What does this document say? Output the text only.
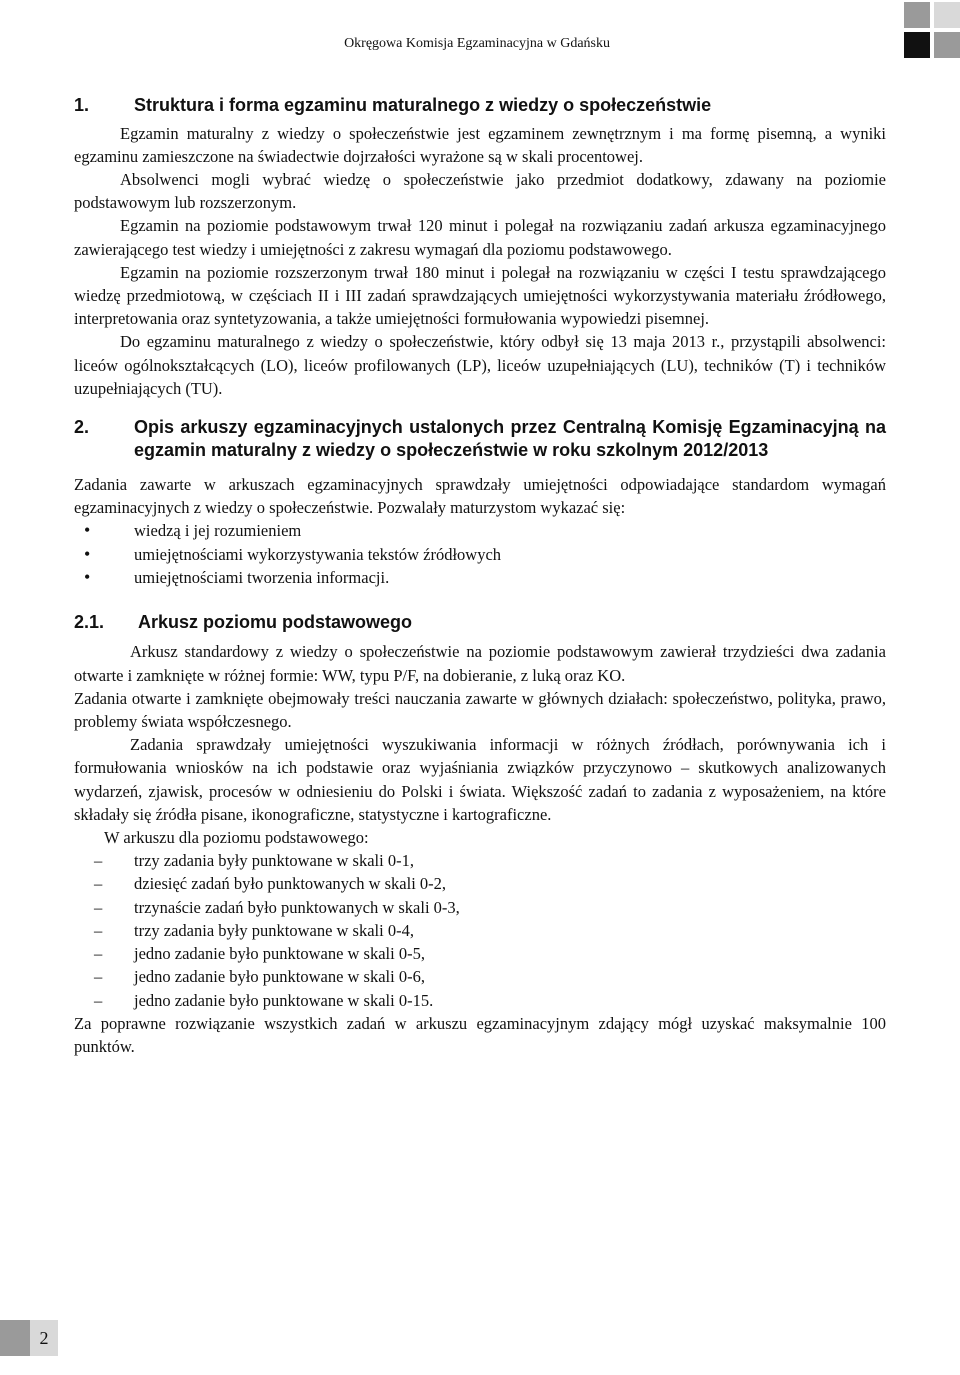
Okręgowa Komisja Egzaminacyjna w Gdańsku
1. Struktura i forma egzaminu maturalnego z wiedzy o społeczeństwie

Egzamin maturalny z wiedzy o społeczeństwie jest egzaminem zewnętrznym i ma formę pisemną, a wyniki egzaminu zamieszczone na świadectwie dojrzałości wyrażone są w skali procentowej.

Absolwenci mogli wybrać wiedzę o społeczeństwie jako przedmiot dodatkowy, zdawany na poziomie podstawowym lub rozszerzonym.

Egzamin na poziomie podstawowym trwał 120 minut i polegał na rozwiązaniu zadań arkusza egzaminacyjnego zawierającego test wiedzy i umiejętności z zakresu wymagań dla poziomu podstawowego.

Egzamin na poziomie rozszerzonym trwał 180 minut i polegał na rozwiązaniu w części I testu sprawdzającego wiedzę przedmiotową, w częściach II i III zadań sprawdzających umiejętności wykorzystywania materiału źródłowego, interpretowania oraz syntetyzowania, a także umiejętności formułowania wypowiedzi pisemnej.

Do egzaminu maturalnego z wiedzy o społeczeństwie, który odbył się 13 maja 2013 r., przystąpili absolwenci: liceów ogólnokształcących (LO), liceów profilowanych (LP), liceów uzupełniających (LU), techników (T) i techników uzupełniających (TU).

2.	Opis arkuszy egzaminacyjnych ustalonych przez Centralną Komisję Egzaminacyjną na egzamin maturalny z wiedzy o społeczeństwie w roku szkolnym 2012/2013

Zadania zawarte w arkuszach egzaminacyjnych sprawdzały umiejętności odpowiadające standardom wymagań egzaminacyjnych z wiedzy o społeczeństwie. Pozwalały maturzystom wykazać się:

• wiedzą i jej rozumieniem
• umiejętnościami wykorzystywania tekstów źródłowych
• umiejętnościami tworzenia informacji.
2.1. Arkusz poziomu podstawowego

Arkusz standardowy z wiedzy o społeczeństwie na poziomie podstawowym zawierał trzydzieści dwa zadania otwarte i zamknięte w różnej formie: WW, typu P/F, na dobieranie, z luką oraz KO.

Zadania otwarte i zamknięte obejmowały treści nauczania zawarte w głównych działach: społeczeństwo, polityka, prawo, problemy świata współczesnego.

Zadania sprawdzały umiejętności wyszukiwania informacji w różnych źródłach, porównywania ich i formułowania wniosków na ich podstawie oraz wyjaśniania związków przyczynowo – skutkowych analizowanych wydarzeń, zjawisk, procesów w odniesieniu do Polski i świata. Większość zadań to zadania z wyposażeniem, na które składały się źródła pisane, ikonograficzne, statystyczne i kartograficzne.

W arkuszu dla poziomu podstawowego:

– trzy zadania były punktowane w skali 0-1,
– dziesięć zadań było punktowanych w skali 0-2,
– trzynaście zadań było punktowanych w skali 0-3,
– trzy zadania były punktowane w skali 0-4,
– jedno zadanie było punktowane w skali 0-5,
– jedno zadanie było punktowane w skali 0-6,
– jedno zadanie było punktowane w skali 0-15.

Za poprawne rozwiązanie wszystkich zadań w arkuszu egzaminacyjnym zdający mógł uzyskać maksymalnie 100 punktów.

2
